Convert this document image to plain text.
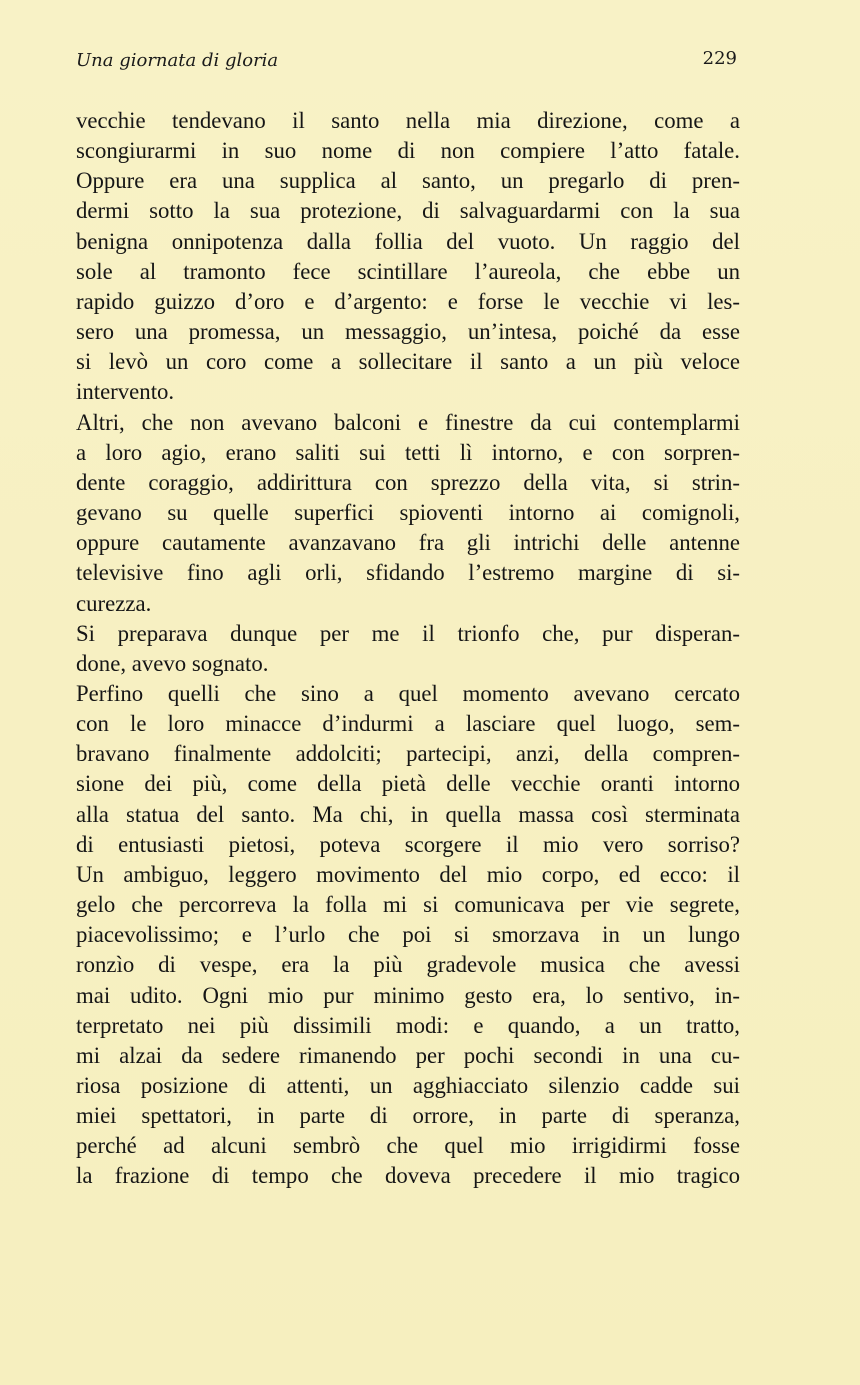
Una giornata di gloria	229
vecchie tendevano il santo nella mia direzione, come a
scongiurarmi in suo nome di non compiere l’atto fatale.
Oppure era una supplica al santo, un pregarlo di pren-
dermi sotto la sua protezione, di salvaguardarmi con la sua
benigna onnipotenza dalla follia del vuoto. Un raggio del
sole al tramonto fece scintillare l’aureola, che ebbe un
rapido guizzo d’oro e d’argento: e forse le vecchie vi les-
sero una promessa, un messaggio, un’intesa, poiché da esse
si levò un coro come a sollecitare il santo a un più veloce
intervento.
Altri, che non avevano balconi e finestre da cui contemplarmi
a loro agio, erano saliti sui tetti lì intorno, e con sorpren-
dente coraggio, addirittura con sprezzo della vita, si strin-
gevano su quelle superfici spioventi intorno ai comignoli,
oppure cautamente avanzavano fra gli intrichi delle antenne
televisive fino agli orli, sfidando l’estremo margine di si-
curezza.
Si preparava dunque per me il trionfo che, pur disperan-
done, avevo sognato.
Perfino quelli che sino a quel momento avevano cercato
con le loro minacce d’indurmi a lasciare quel luogo, sem-
bravano finalmente addolciti; partecipi, anzi, della compren-
sione dei più, come della pietà delle vecchie oranti intorno
alla statua del santo. Ma chi, in quella massa così sterminata
di entusiasti pietosi, poteva scorgere il mio vero sorriso?
Un ambiguo, leggero movimento del mio corpo, ed ecco: il
gelo che percorreva la folla mi si comunicava per vie segrete,
piacevolissimo; e l’urlo che poi si smorzava in un lungo
ronzìo di vespe, era la più gradevole musica che avessi
mai udito. Ogni mio pur minimo gesto era, lo sentivo, in-
terpretato nei più dissimili modi: e quando, a un tratto,
mi alzai da sedere rimanendo per pochi secondi in una cu-
riosa posizione di attenti, un agghiacciato silenzio cadde sui
miei spettatori, in parte di orrore, in parte di speranza,
perché ad alcuni sembrò che quel mio irrigidirmi fosse
la frazione di tempo che doveva precedere il mio tragico
